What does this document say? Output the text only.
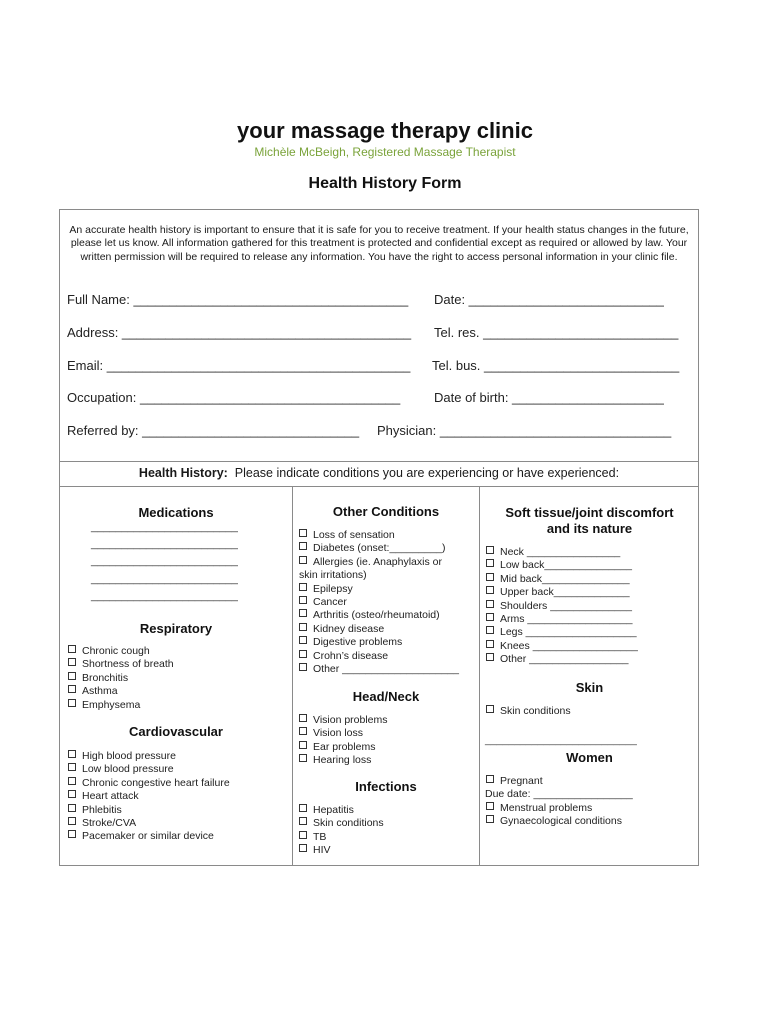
your massage therapy clinic
Michèle McBeigh, Registered Massage Therapist
Health History Form
An accurate health history is important to ensure that it is safe for you to receive treatment. If your health status changes in the future, please let us know. All information gathered for this treatment is protected and confidential except as required or allowed by law. Your written permission will be required to release any information. You have the right to access personal information in your clinic file.
Full Name: ______________________________________ Date: ___________________________
Address: ________________________________________ Tel. res. ___________________________
Email: __________________________________________ Tel. bus. ___________________________
Occupation: ____________________________________	Date of birth: _____________________
Referred by: ______________________________ Physician: ________________________________
Health History: Please indicate conditions you are experiencing or have experienced:
Medications
________________________
________________________
________________________
________________________
________________________
Respiratory
Chronic cough
Shortness of breath
Bronchitis
Asthma
Emphysema
Cardiovascular
High blood pressure
Low blood pressure
Chronic congestive heart failure
Heart attack
Phlebitis
Stroke/CVA
Pacemaker or similar device
Other Conditions
Loss of sensation
Diabetes (onset:_________)
Allergies (ie. Anaphylaxis or
skin irritations)
Epilepsy
Cancer
Arthritis (osteo/rheumatoid)
Kidney disease
Digestive problems
Crohn’s disease
Other ____________________
Head/Neck
Vision problems
Vision loss
Ear problems
Hearing loss
Infections
Hepatitis
Skin conditions
TB
HIV
Soft tissue/joint discomfort
and its nature
Neck ________________
Low back_______________
Mid back_______________
Upper back_____________
Shoulders ______________
Arms __________________
Legs ___________________
Knees __________________
Other _________________
Skin
Skin conditions
__________________________
Women
Pregnant
Due date: _________________
Menstrual problems
Gynaecological conditions
